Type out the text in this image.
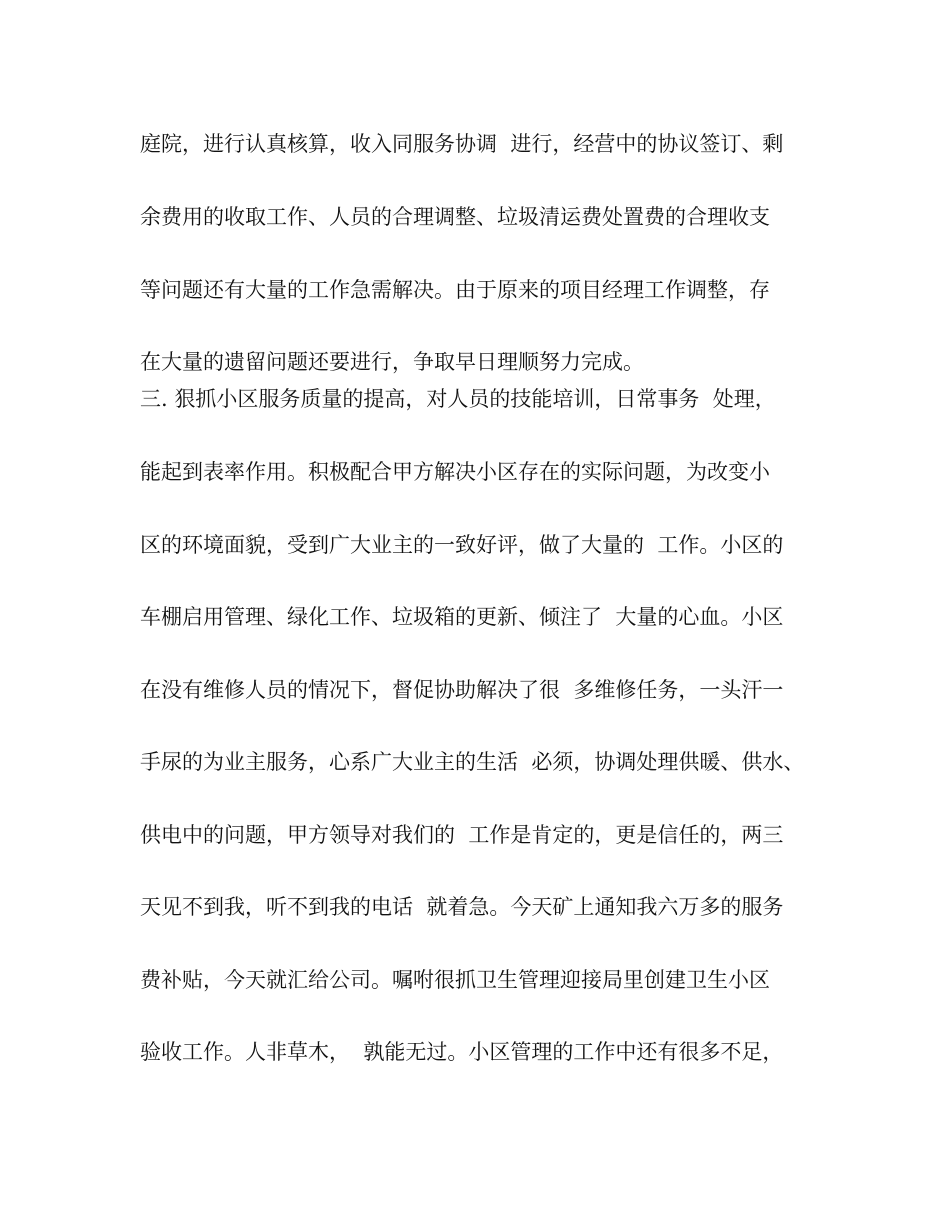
庭院，进行认真核算，收入同服务协调  进行，经营中的协议签订、剩

余费用的收取工作、人员的合理调整、垃圾清运费处置费的合理收支

等问题还有大量的工作急需解决。由于原来的项目经理工作调整，存

在大量的遗留问题还要进行，争取早日理顺努力完成。

三. 狠抓小区服务质量的提高，对人员的技能培训，日常事务  处理，

能起到表率作用。积极配合甲方解决小区存在的实际问题，为改变小

区的环境面貌，受到广大业主的一致好评，做了大量的  工作。小区的

车棚启用管理、绿化工作、垃圾箱的更新、倾注了  大量的心血。小区

在没有维修人员的情况下，督促协助解决了很  多维修任务，一头汗一

手尿的为业主服务，心系广大业主的生活  必须，协调处理供暖、供水、

供电中的问题，甲方领导对我们的  工作是肯定的，更是信任的，两三

天见不到我，听不到我的电话  就着急。今天矿上通知我六万多的服务

费补贴，今天就汇给公司。嘱咐很抓卫生管理迎接局里创建卫生小区

验收工作。人非草木，  孰能无过。小区管理的工作中还有很多不足，
